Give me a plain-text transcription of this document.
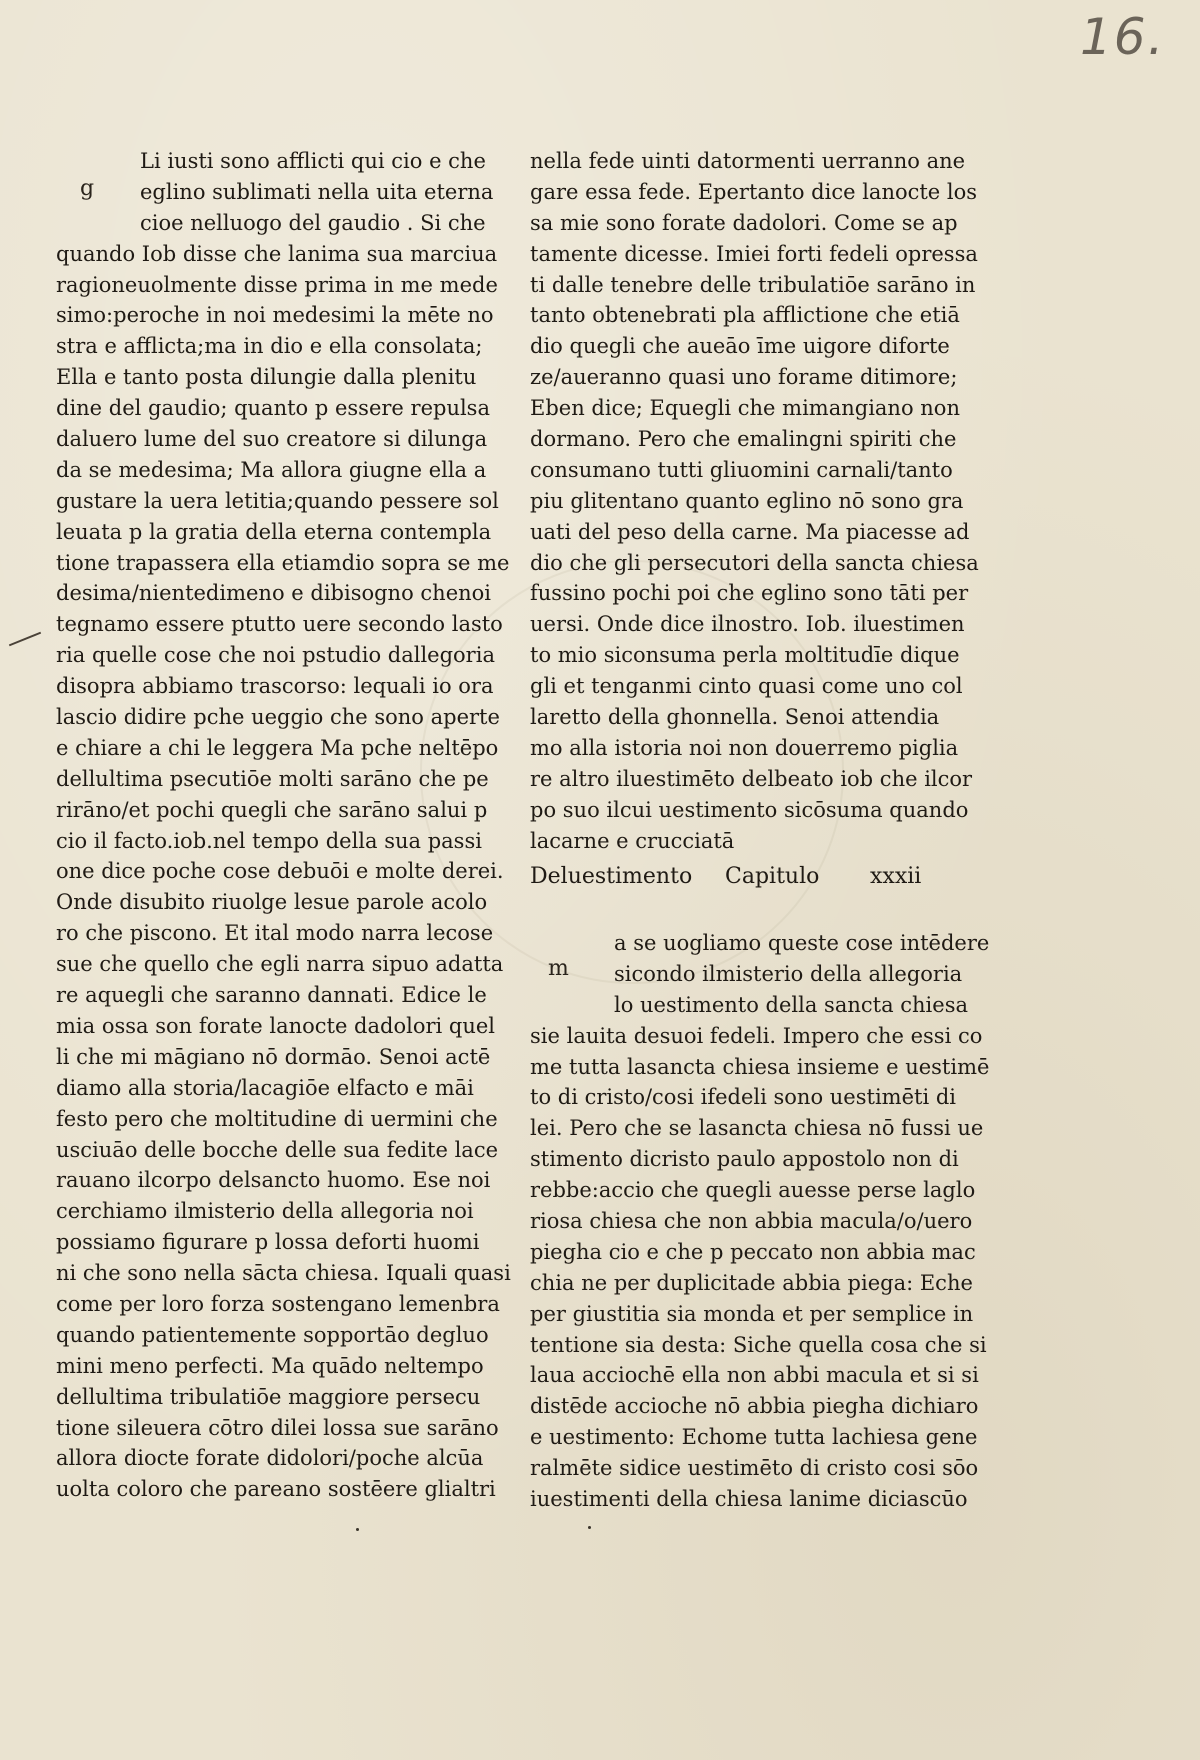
16.
g
Li iusti sono afflicti qui cio e che
eglino sublimati nella uita eterna
cioe nelluogo del gaudio . Si che
quando Iob disse che lanima sua marciua
ragioneuolmente disse prima in me mede
simo:peroche in noi medesimi la mēte no
stra e afflicta;ma in dio e ella consolata;
Ella e tanto posta dilungie dalla plenitu
dine del gaudio; quanto p essere repulsa
daluero lume del suo creatore si dilunga
da se medesima; Ma allora giugne ella a
gustare la uera letitia;quando pessere sol
leuata p la gratia della eterna contempla
tione trapassera ella etiamdio sopra se me
desima/nientedimeno e dibisogno chenoi
tegnamo essere ptutto uere secondo lasto
ria quelle cose che noi pstudio dallegoria
disopra abbiamo trascorso: lequali io ora
lascio didire pche ueggio che sono aperte
e chiare a chi le leggera Ma pche neltēpo
dellultima psecutiōe molti sarāno che pe
rirāno/et pochi quegli che sarāno salui p
cio il facto.iob.nel tempo della sua passi
one dice poche cose debuōi e molte derei.
Onde disubito riuolge lesue parole acolo
ro che piscono. Et ital modo narra lecose
sue che quello che egli narra sipuo adatta
re aquegli che saranno dannati. Edice le
mia ossa son forate lanocte dadolori quel
li che mi māgiano nō dormāo. Senoi actē
diamo alla storia/lacagiōe elfacto e māi
festo pero che moltitudine di uermini che
usciuāo delle bocche delle sua fedite lace
rauano ilcorpo delsancto huomo. Ese noi
cerchiamo ilmisterio della allegoria noi
possiamo figurare p lossa deforti huomi
ni che sono nella sācta chiesa. Iquali quasi
come per loro forza sostengano lemenbra
quando patientemente sopportāo degluo
mini meno perfecti. Ma quādo neltempo
dellultima tribulatiōe maggiore persecu
tione sileuera cōtro dilei lossa sue sarāno
allora diocte forate didolori/poche alcūa
uolta coloro che pareano sostēere glialtri
nella fede uinti datormenti uerranno ane
gare essa fede. Epertanto dice lanocte los
sa mie sono forate dadolori. Come se ap
tamente dicesse. Imiei forti fedeli opressa
ti dalle tenebre delle tribulatiōe sarāno in
tanto obtenebrati pla afflictione che etiā
dio quegli che aueāo īme uigore diforte
ze/aueranno quasi uno forame ditimore;
Eben dice; Equegli che mimangiano non
dormano. Pero che emalingni spiriti che
consumano tutti gliuomini carnali/tanto
piu glitentano quanto eglino nō sono gra
uati del peso della carne. Ma piacesse ad
dio che gli persecutori della sancta chiesa
fussino pochi poi che eglino sono tāti per
uersi. Onde dice ilnostro. Iob. iluestimen
to mio siconsuma perla moltitudīe dique
gli et tenganmi cinto quasi come uno col
laretto della ghonnella. Senoi attendia
mo alla istoria noi non douerremo piglia
re altro iluestimēto delbeato iob che ilcor
po suo ilcui uestimento sicōsuma quando
lacarne e crucciatā
Deluestimento Capitulo xxxii
m
a se uogliamo queste cose intēdere
sicondo ilmisterio della allegoria
lo uestimento della sancta chiesa
sie lauita desuoi fedeli. Impero che essi co
me tutta lasancta chiesa insieme e uestimē
to di cristo/cosi ifedeli sono uestimēti di
lei. Pero che se lasancta chiesa nō fussi ue
stimento dicristo paulo appostolo non di
rebbe:accio che quegli auesse perse laglo
riosa chiesa che non abbia macula/o/uero
piegha cio e che p peccato non abbia mac
chia ne per duplicitade abbia piega: Eche
per giustitia sia monda et per semplice in
tentione sia desta: Siche quella cosa che si
laua acciochē ella non abbi macula et si si
distēde accioche nō abbia piegha dichiaro
e uestimento: Echome tutta lachiesa gene
ralmēte sidice uestimēto di cristo cosi sōo
iuestimenti della chiesa lanime diciascūo
